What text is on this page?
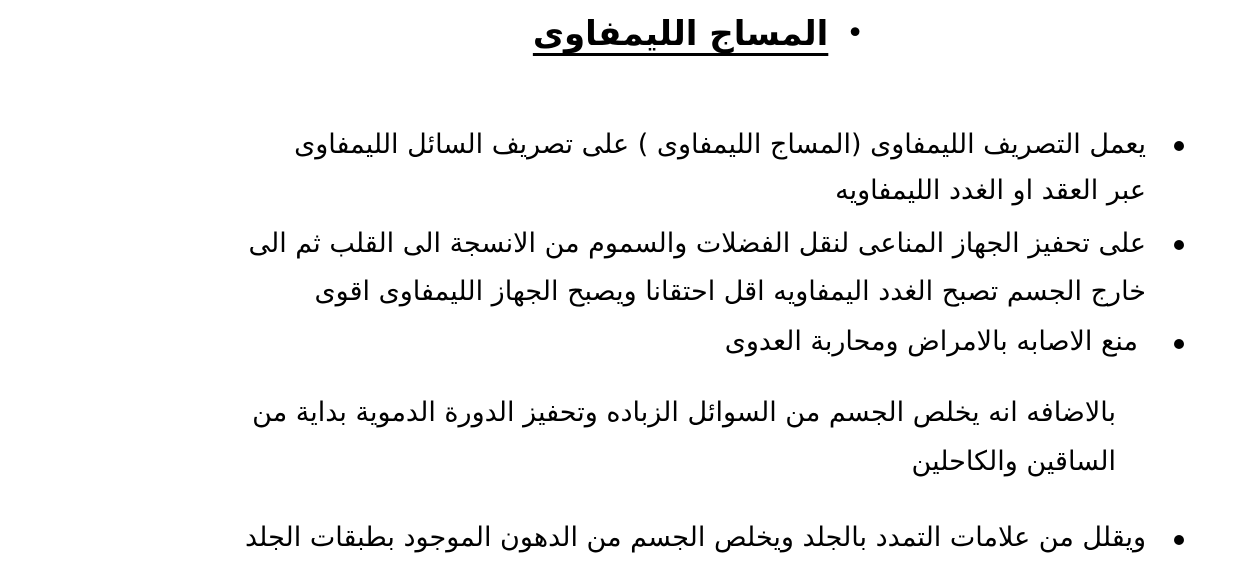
•
المساج الليمفاوى
يعمل التصريف الليمفاوى (المساج الليمفاوى ) على تصريف السائل الليمفاوى
عبر العقد او الغدد الليمفاويه
على تحفيز الجهاز المناعى لنقل الفضلات والسموم من الانسجة الى القلب ثم الى
خارج الجسم تصبح الغدد اليمفاويه اقل احتقانا ويصبح الجهاز الليمفاوى اقوى
منع الاصابه بالامراض ومحاربة العدوى
بالاضافه انه يخلص الجسم من السوائل الزباده وتحفيز الدورة الدموية بداية من
الساقين والكاحلين
ويقلل من علامات التمدد بالجلد ويخلص الجسم من الدهون الموجود بطبقات الجلد
